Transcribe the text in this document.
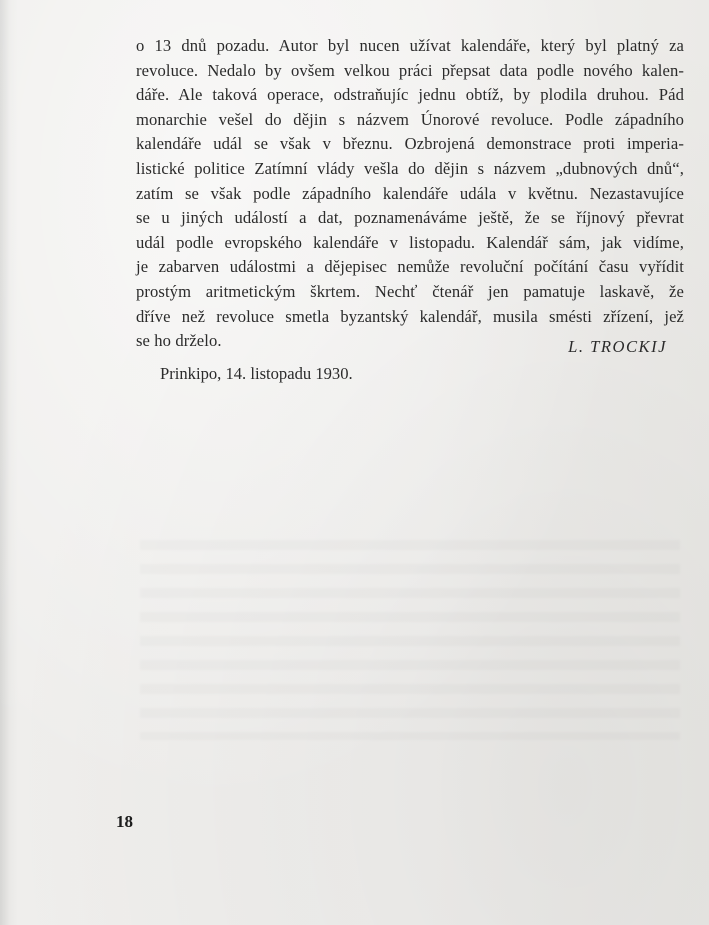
o 13 dnů pozadu. Autor byl nucen užívat kalendáře, který byl platný za
revoluce. Nedalo by ovšem velkou práci přepsat data podle nového kalen-
dáře. Ale taková operace, odstraňujíc jednu obtíž, by plodila druhou. Pád
monarchie vešel do dějin s názvem Únorové revoluce. Podle západního
kalendáře udál se však v březnu. Ozbrojená demonstrace proti imperia-
listické politice Zatímní vlády vešla do dějin s názvem „dubnových dnů“,
zatím se však podle západního kalendáře udála v květnu. Nezastavujíce
se u jiných událostí a dat, poznamenáváme ještě, že se říjnový převrat
udál podle evropského kalendáře v listopadu. Kalendář sám, jak vidíme,
je zabarven událostmi a dějepisec nemůže revoluční počítání času vyřídit
prostým aritmetickým škrtem. Nechť čtenář jen pamatuje laskavě, že
dříve než revoluce smetla byzantský kalendář, musila smésti zřízení, jež
se ho drželo.	L. TROCKIJ

Prinkipo, 14. listopadu 1930.

18
